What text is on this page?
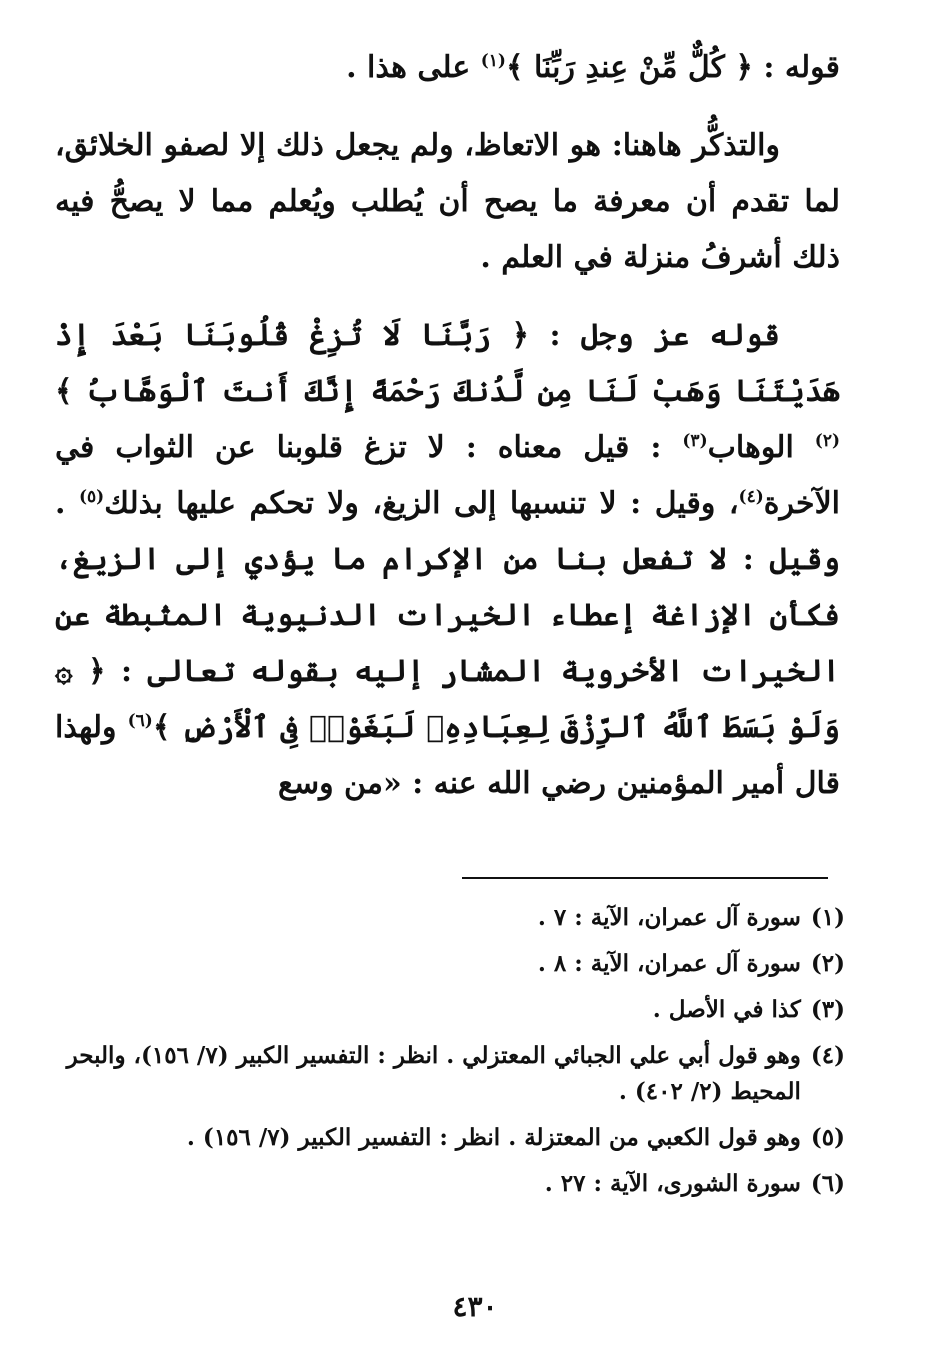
قوله : ﴿ كُلٌّ مِّنْ عِندِ رَبِّنَا ﴾$^{(١)}$ على هذا .

والتذكُّر هاهنا: هو الاتعاظ، ولم يجعل ذلك إلا لصفو الخلائق، لما تقدم أن معرفة ما يصح أن يُطلب ويُعلم مما لا يصحُّ فيه ذلك أشرفُ منزلة في العلم .

قوله عز وجل : ﴿ رَبَّنَا لَا تُزِغْ قُلُوبَنَا بَعْدَ إِذْ هَدَيْتَنَا وَهَبْ لَنَا مِن لَّدُنكَ رَحْمَةً إِنَّكَ أَنتَ ٱلْوَهَّابُ ﴾$^{(٢)}$ الوهاب$^{(٣)}$ : قيل معناه : لا تزغ قلوبنا عن الثواب في الآخرة$^{(٤)}$، وقيل : لا تنسبها إلى الزيغ، ولا تحكم عليها بذلك$^{(٥)}$ . وقيل : لا تفعل بنا من الإكرام ما يؤدي إلى الزيغ، فكأن الإزاغة إعطاء الخيرات الدنيوية المثبطة عن الخيرات الأخروية المشار إليه بقوله تعالى : ﴿ ۞ وَلَوْ بَسَطَ ٱللَّهُ ٱلرِّزْقَ لِعِبَادِهِۦ لَبَغَوْا۟ فِى ٱلْأَرْضِ ﴾$^{(٦)}$ ولهذا قال أمير المؤمنين رضي الله عنه : «من وسع

(١)
سورة آل عمران، الآية : ٧ .
(٢)
سورة آل عمران، الآية : ٨ .
(٣)
كذا في الأصل .
(٤)
وهو قول أبي علي الجبائي المعتزلي . انظر : التفسير الكبير (٧/ ١٥٦)، والبحر المحيط (٢/ ٤٠٢) .
(٥)
وهو قول الكعبي من المعتزلة . انظر : التفسير الكبير (٧/ ١٥٦) .
(٦)
سورة الشورى، الآية : ٢٧ .
٤٣٠
